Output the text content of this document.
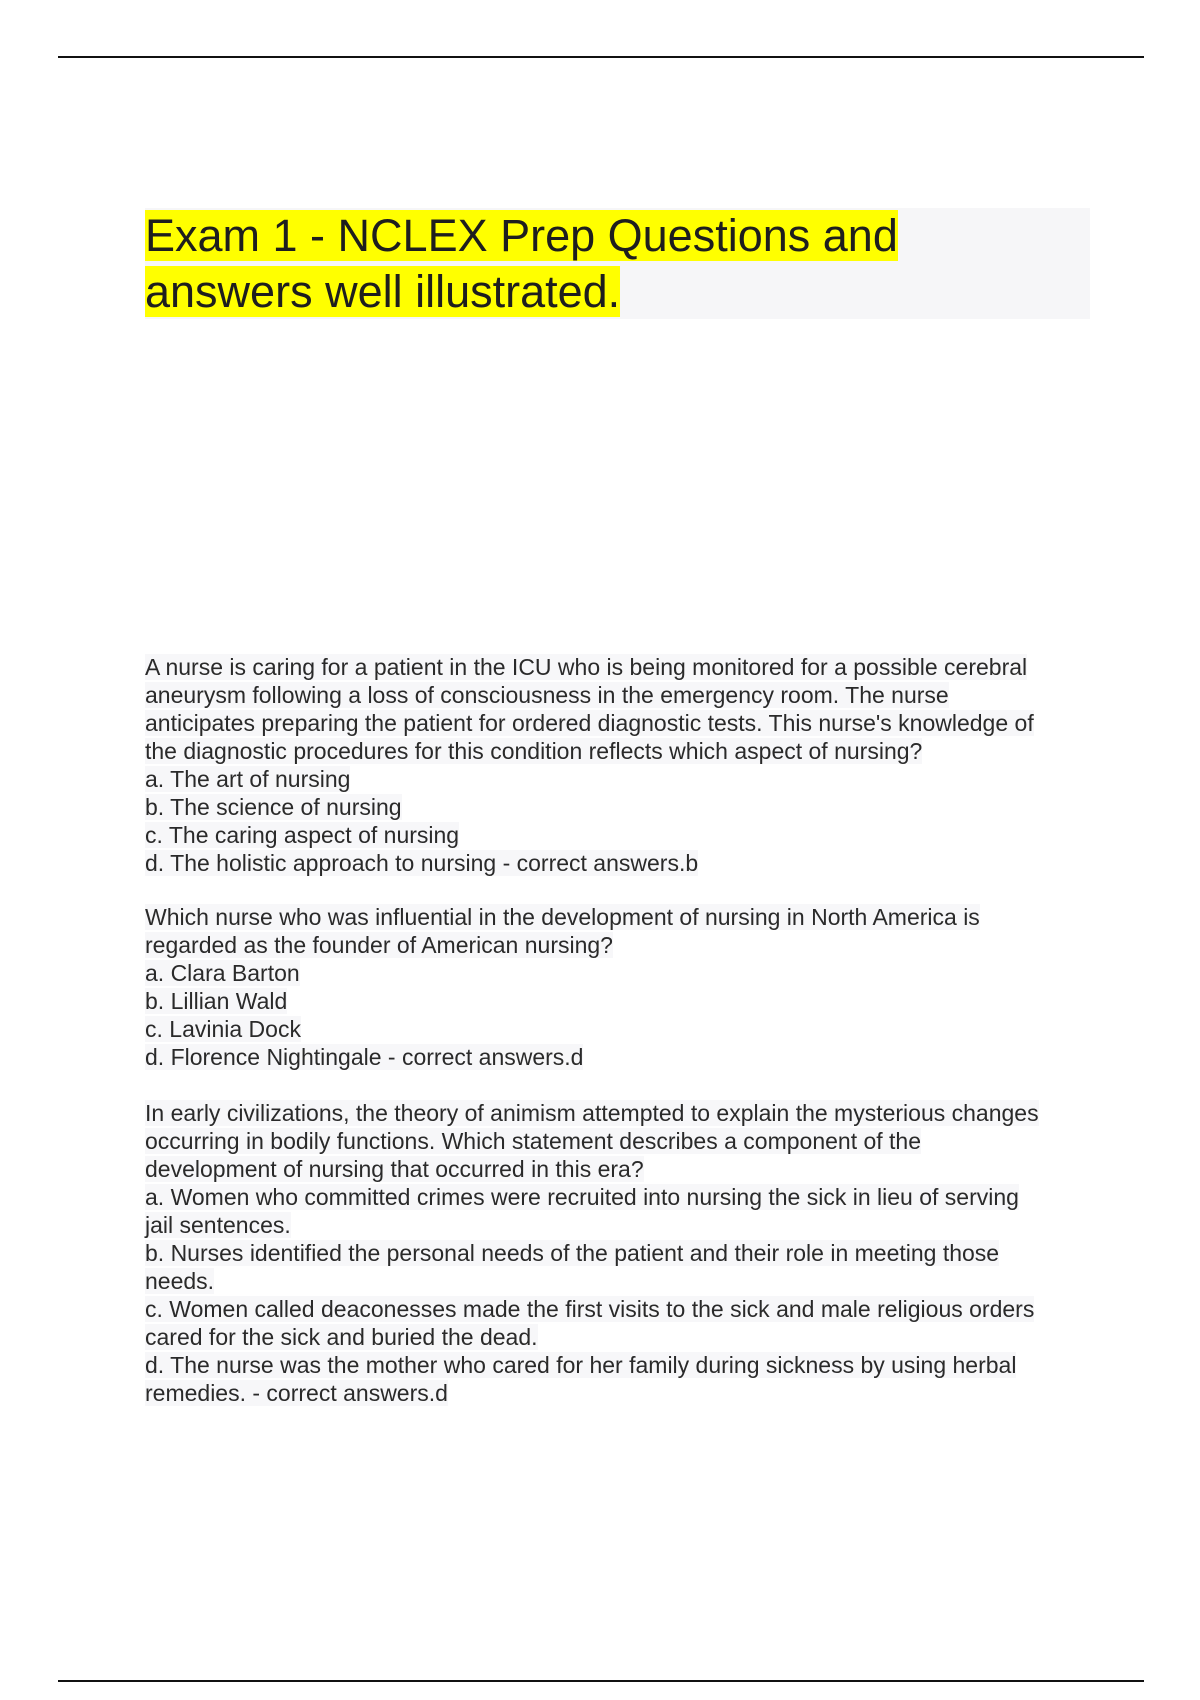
Exam 1 - NCLEX Prep Questions and answers well illustrated.
A nurse is caring for a patient in the ICU who is being monitored for a possible cerebral
aneurysm following a loss of consciousness in the emergency room. The nurse
anticipates preparing the patient for ordered diagnostic tests. This nurse's knowledge of
the diagnostic procedures for this condition reflects which aspect of nursing?
a. The art of nursing
b. The science of nursing
c. The caring aspect of nursing
d. The holistic approach to nursing - correct answers.b
Which nurse who was influential in the development of nursing in North America is
regarded as the founder of American nursing?
a. Clara Barton
b. Lillian Wald
c. Lavinia Dock
d. Florence Nightingale - correct answers.d
In early civilizations, the theory of animism attempted to explain the mysterious changes
occurring in bodily functions. Which statement describes a component of the
development of nursing that occurred in this era?
a. Women who committed crimes were recruited into nursing the sick in lieu of serving
jail sentences.
b. Nurses identified the personal needs of the patient and their role in meeting those
needs.
c. Women called deaconesses made the first visits to the sick and male religious orders
cared for the sick and buried the dead.
d. The nurse was the mother who cared for her family during sickness by using herbal
remedies. - correct answers.d
